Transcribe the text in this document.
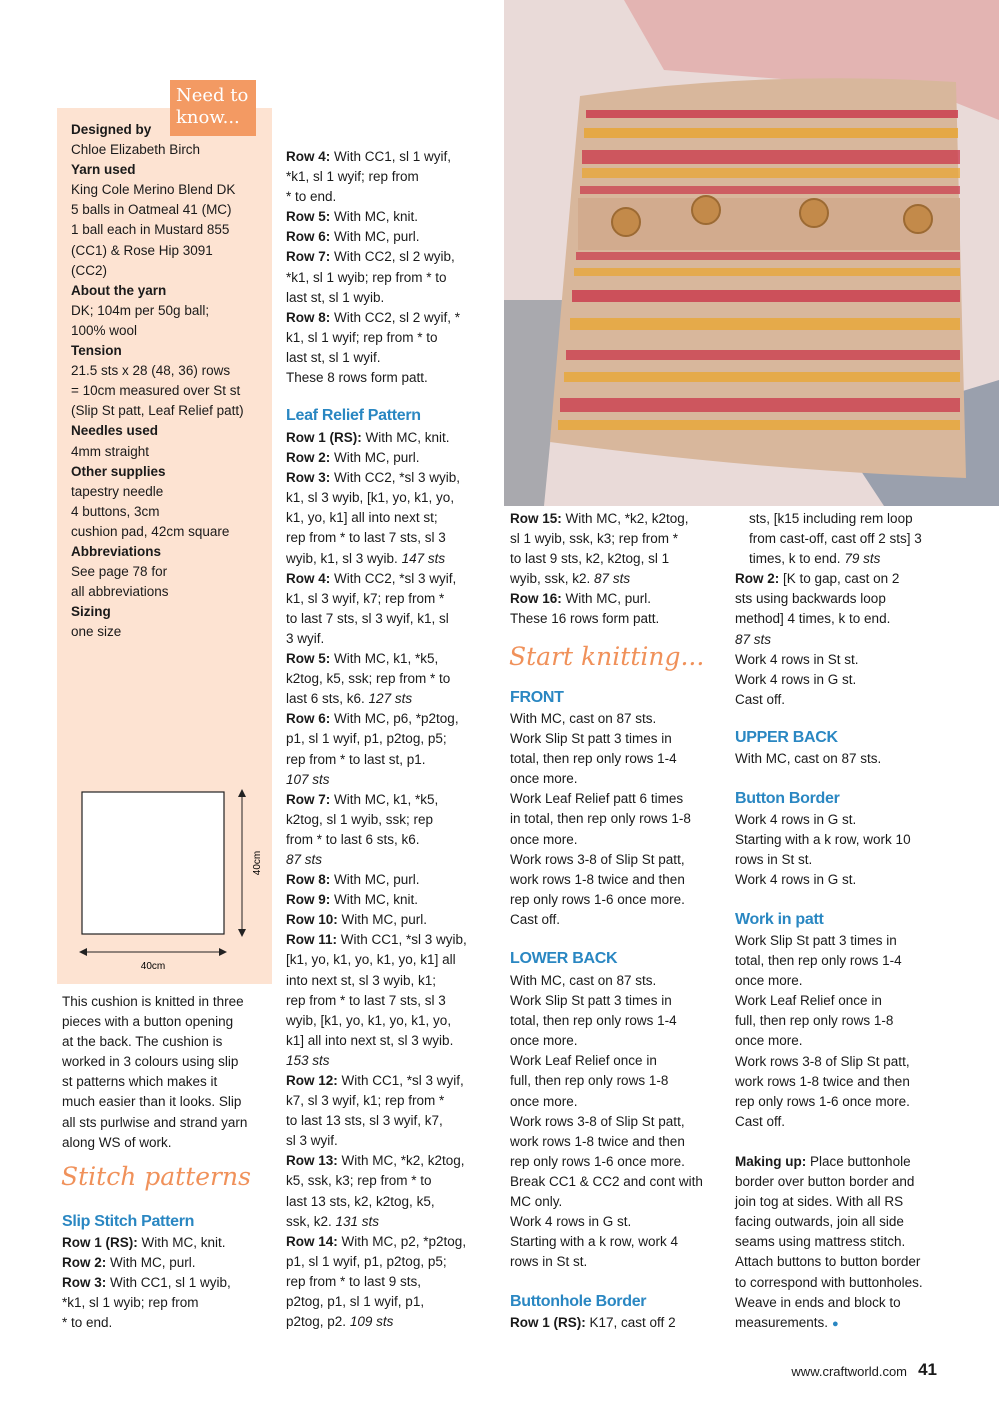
Need to know...

Designed by

Chloe Elizabeth Birch

Yarn used

King Cole Merino Blend DK

5 balls in Oatmeal 41 (MC)

1 ball each in Mustard 855

(CC1) & Rose Hip 3091

(CC2)

About the yarn

DK; 104m per 50g ball;

100% wool

Tension

21.5 sts x 28 (48, 36) rows

= 10cm measured over St st

(Slip St patt, Leaf Relief patt)

Needles used

4mm straight

Other supplies

tapestry needle

4 buttons, 3cm

cushion pad, 42cm square

Abbreviations

See page 78 for

all abbreviations

Sizing

one size

40cm
40cm

This cushion is knitted in three

pieces with a button opening

at the back. The cushion is

worked in 3 colours using slip

st patterns which makes it

much easier than it looks. Slip

all sts purlwise and strand yarn

along WS of work.

Stitch patterns
Slip Stitch Pattern
Row 1 (RS): With MC, knit.
Row 2: With MC, purl.
Row 3: With CC1, sl 1 wyib,
*k1, sl 1 wyib; rep from
* to end.
Row 4: With CC1, sl 1 wyif,
*k1, sl 1 wyif; rep from
* to end.
Row 5: With MC, knit.
Row 6: With MC, purl.
Row 7: With CC2, sl 2 wyib,
*k1, sl 1 wyib; rep from * to
last st, sl 1 wyib.
Row 8: With CC2, sl 2 wyif, *
k1, sl 1 wyif; rep from * to
last st, sl 1 wyif.

These 8 rows form patt.

Leaf Relief Pattern
Row 1 (RS): With MC, knit.
Row 2: With MC, purl.
Row 3: With CC2, *sl 3 wyib,
k1, sl 3 wyib, [k1, yo, k1, yo,
k1, yo, k1] all into next st;
rep from * to last 7 sts, sl 3
wyib, k1, sl 3 wyib. 147 sts
Row 4: With CC2, *sl 3 wyif,
k1, sl 3 wyif, k7; rep from *
to last 7 sts, sl 3 wyif, k1, sl
3 wyif.
Row 5: With MC, k1, *k5,
k2tog, k5, ssk; rep from * to
last 6 sts, k6. 127 sts
Row 6: With MC, p6, *p2tog,
p1, sl 1 wyif, p1, p2tog, p5;
rep from * to last st, p1.
107 sts
Row 7: With MC, k1, *k5,
k2tog, sl 1 wyib, ssk; rep
from * to last 6 sts, k6.
87 sts
Row 8: With MC, purl.
Row 9: With MC, knit.
Row 10: With MC, purl.
Row 11: With CC1, *sl 3 wyib,
[k1, yo, k1, yo, k1, yo, k1] all
into next st, sl 3 wyib, k1;
rep from * to last 7 sts, sl 3
wyib, [k1, yo, k1, yo, k1, yo,
k1] all into next st, sl 3 wyib.
153 sts
Row 12: With CC1, *sl 3 wyif,
k7, sl 3 wyif, k1; rep from *
to last 13 sts, sl 3 wyif, k7,
sl 3 wyif.
Row 13: With MC, *k2, k2tog,
k5, ssk, k3; rep from * to
last 13 sts, k2, k2tog, k5,
ssk, k2. 131 sts
Row 14: With MC, p2, *p2tog,
p1, sl 1 wyif, p1, p2tog, p5;
rep from * to last 9 sts,
p2tog, p1, sl 1 wyif, p1,
p2tog, p2. 109 sts
Row 15: With MC, *k2, k2tog,
sl 1 wyib, ssk, k3; rep from *
to last 9 sts, k2, k2tog, sl 1
wyib, ssk, k2. 87 sts
Row 16: With MC, purl.

These 16 rows form patt.

Start knitting...
FRONT

With MC, cast on 87 sts.

Work Slip St patt 3 times in

total, then rep only rows 1-4

once more.

Work Leaf Relief patt 6 times

in total, then rep only rows 1-8

once more.

Work rows 3-8 of Slip St patt,

work rows 1-8 twice and then

rep only rows 1-6 once more.

Cast off.

LOWER BACK

With MC, cast on 87 sts.

Work Slip St patt 3 times in

total, then rep only rows 1-4

once more.

Work Leaf Relief once in

full, then rep only rows 1-8

once more.

Work rows 3-8 of Slip St patt,

work rows 1-8 twice and then

rep only rows 1-6 once more.

Break CC1 & CC2 and cont with

MC only.

Work 4 rows in G st.

Starting with a k row, work 4

rows in St st.

Buttonhole Border

Row 1 (RS): K17, cast off 2

sts, [k15 including rem loop
from cast-off, cast off 2 sts] 3
times, k to end. 79 sts
Row 2: [K to gap, cast on 2
sts using backwards loop
method] 4 times, k to end.
87 sts

Work 4 rows in St st.

Work 4 rows in G st.

Cast off.

UPPER BACK

With MC, cast on 87 sts.

Button Border

Work 4 rows in G st.

Starting with a k row, work 10

rows in St st.

Work 4 rows in G st.

Work in patt

Work Slip St patt 3 times in

total, then rep only rows 1-4

once more.

Work Leaf Relief once in

full, then rep only rows 1-8

once more.

Work rows 3-8 of Slip St patt,

work rows 1-8 twice and then

rep only rows 1-6 once more.

Cast off.

Making up: Place buttonhole

border over button border and

join tog at sides. With all RS

facing outwards, join all side

seams using mattress stitch.

Attach buttons to button border

to correspond with buttonholes.

Weave in ends and block to

measurements. ●

www.craftworld.com 41
